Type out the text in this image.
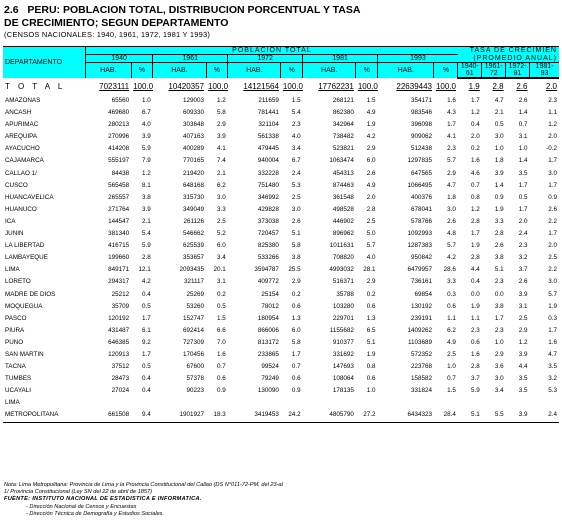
2.6 PERU: POBLACION TOTAL, DISTRIBUCION PORCENTUAL Y TASA
DE CRECIMIENTO; SEGUN DEPARTAMENTO
(CENSOS NACIONALES: 1940, 1961, 1972, 1981 Y 1993)
DEPARTAMENTO	POBLACION TOTAL										TASA DE CRECIMIEN			
	1940		1961		1972		1981		1993		(PROMEDIO ANUAL)			
	HAB.	%	HAB.	%	HAB.	%	HAB.	%	HAB.	%	1940-	1961-	1972-	1981-
											61	72	81	93
T O T A L	7023111	100.0	10420357	100.0	14121564	100.0	17762231	100.0	22639443	100.0	1.9	2.8	2.6	2.0
AMAZONAS	65560	1.0	129003	1.2	211659	1.5	268121	1.5	354171	1.6	1.7	4.7	2.6	2.3
ANCASH	469680	6.7	609330	5.8	781441	5.4	862380	4.9	983546	4.3	1.2	2.1	1.4	1.1
APURIMAC	280213	4.0	303648	2.9	321104	2.3	342964	1.9	396098	1.7	0.4	0.5	0.7	1.2
AREQUIPA	270996	3.9	407163	3.9	561338	4.0	738482	4.2	909062	4.1	2.0	3.0	3.1	2.0
AYACUCHO	414208	5.9	400289	4.1	479445	3.4	523821	2.9	512438	2.3	0.2	1.0	1.0	-0.2
CAJAMARCA	555197	7.9	770165	7.4	940004	6.7	1063474	6.0	1297835	5.7	1.6	1.8	1.4	1.7
CALLAO 1/	84438	1.2	219420	2.1	332228	2.4	454313	2.6	647565	2.9	4.6	3.9	3.5	3.0
CUSCO	565458	8.1	648168	6.2	751480	5.3	874463	4.9	1066495	4.7	0.7	1.4	1.7	1.7
HUANCAVELICA	265557	3.8	315730	3.0	346992	2.5	361548	2.0	400376	1.8	0.8	0.9	0.5	0.9
HUANUCO	271764	3.9	349049	3.3	429828	3.0	498528	2.8	678041	3.0	1.2	1.9	1.7	2.6
ICA	144547	2.1	261126	2.5	373038	2.6	446902	2.5	578766	2.6	2.8	3.3	2.0	2.2
JUNIN	381340	5.4	546662	5.2	720457	5.1	896962	5.0	1092993	4.8	1.7	2.8	2.4	1.7
LA LIBERTAD	416715	5.9	625539	6.0	825380	5.8	1011631	5.7	1287383	5.7	1.9	2.6	2.3	2.0
LAMBAYEQUE	199660	2.8	353657	3.4	533266	3.8	708820	4.0	950842	4.2	2.8	3.8	3.2	2.5
LIMA	849171	12.1	2093435	20.1	3594787	25.5	4993032	28.1	6479957	28.6	4.4	5.1	3.7	2.2
LORETO	294317	4.2	321117	3.1	409772	2.9	516371	2.9	736161	3.3	0.4	2.3	2.6	3.0
MADRE DE DIOS	25212	0.4	25269	0.2	25154	0.2	35788	0.2	69854	0.3	0.0	0.0	3.9	5.7
MOQUEGUA	35709	0.5	53260	0.5	78012	0.6	103280	0.6	130192	0.6	1.9	3.8	3.1	1.9
PASCO	120192	1.7	152747	1.5	180954	1.3	229701	1.3	239191	1.1	1.1	1.7	2.5	0.3
PIURA	431487	6.1	692414	6.6	866006	6.0	1155682	6.5	1409262	6.2	2.3	2.3	2.9	1.7
PUNO	646385	9.2	727309	7.0	813172	5.8	910377	5.1	1103689	4.9	0.6	1.0	1.2	1.6
SAN MARTIN	120913	1.7	170456	1.6	233865	1.7	331692	1.9	572352	2.5	1.6	2.9	3.9	4.7
TACNA	37512	0.5	67600	0.7	99524	0.7	147693	0.8	223768	1.0	2.8	3.6	4.4	3.5
TUMBES	28473	0.4	57378	0.6	79249	0.6	108064	0.6	158582	0.7	3.7	3.0	3.5	3.2
UCAYALI	27024	0.4	90223	0.9	130090	0.9	178135	1.0	331824	1.5	5.9	3.4	3.5	5.3
LIMA														
METROPOLITANA	661508	9.4	1901927	18.3	3419453	24.2	4805790	27.2	6434323	28.4	5.1	5.5	3.9	2.4
Nota: Lima Metropolitana: Provincia de Lima y la Provincia Constitucional del Callao (DS N°011-72-PM, del 23-al
1/ Provincia Constitucional (Ley SN del 22 de abril de 1857)
FUENTE: INSTITUTO NACIONAL DE ESTADISTICA E INFORMATICA.
- Dirección Nacional de Censos y Encuestas
- Dirección Técnica de Demografía y Estudios Sociales.
